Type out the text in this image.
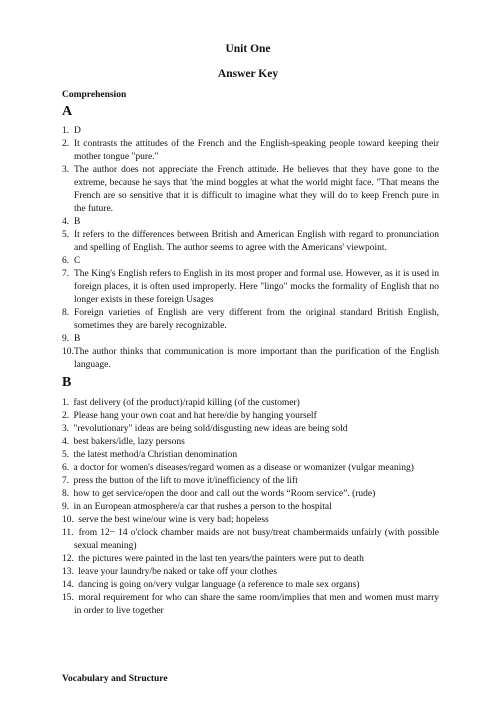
Unit One
Answer Key
Comprehension
A
1. D
2. It contrasts the attitudes of the French and the English-speaking people toward keeping their mother tongue "pure."
3. The author does not appreciate the French attitude. He believes that they have gone to the extreme, because he says that 'the mind boggles at what the world might face. "That means the French are so sensitive that it is difficult to imagine what they will do to keep French pure in the future.
4. B
5. It refers to the differences between British and American English with regard to pronunciation and spelling of English. The author seems to agree with the Americans' viewpoint.
6. C
7. The King's English refers to English in its most proper and formal use. However, as it is used in foreign places, it is often used improperly. Here "lingo" mocks the formality of English that no longer exists in these foreign Usages
8. Foreign varieties of English are very different from the original standard British English, sometimes they are barely recognizable.
9. B
10. The author thinks that communication is more important than the purification of the English language.
B
1. fast delivery (of the product)/rapid killing (of the customer)
2. Please hang your own coat and hat here/die by hanging yourself
3. "revolutionary" ideas are being sold/disgusting new ideas are being sold
4. best bakers/idle, lazy persons
5. the latest method/a Christian denomination
6. a doctor for women's diseases/regard women as a disease or womanizer (vulgar meaning)
7. press the button of the lift to move it/inefficiency of the lift
8. how to get service/open the door and call out the words “Room service”. (rude)
9. in an European atmosphere/a car that rushes a person to the hospital
10. serve the best wine/our wine is very bad; hopeless
11. from 12− 14 o'clock chamber maids are not busy/treat chambermaids unfairly (with possible sexual meaning)
12. the pictures were painted in the last ten years/the painters were put to death
13. leave your laundry/be naked or take off your clothes
14. dancing is going on/very vulgar language (a reference to male sex organs)
15. moral requirement for who can share the same room/implies that men and women must marry in order to live together
Vocabulary and Structure
